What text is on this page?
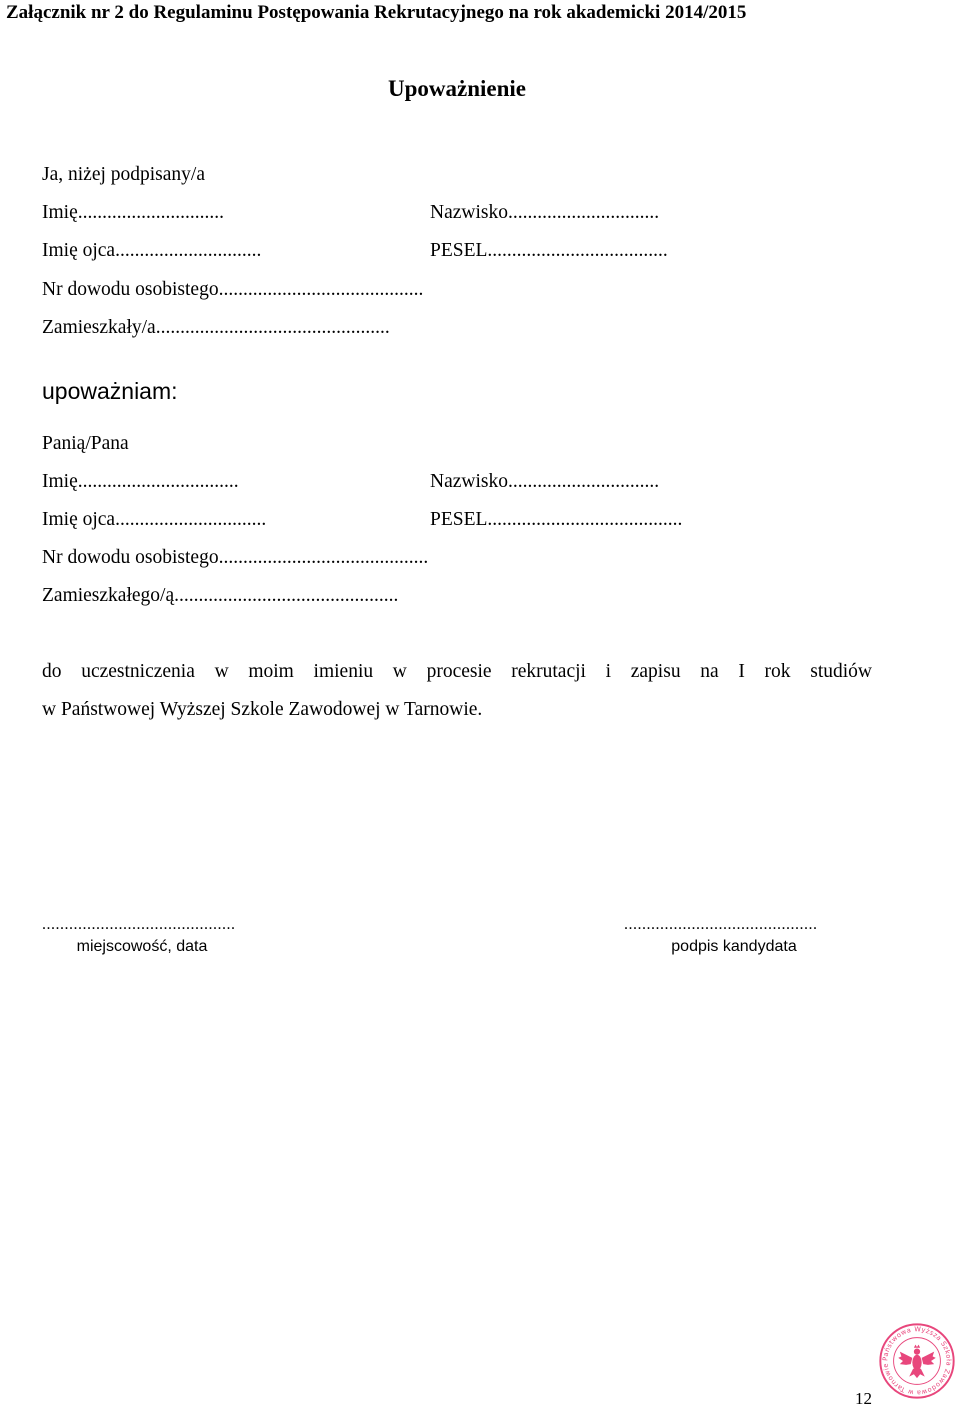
Załącznik nr 2 do Regulaminu Postępowania Rekrutacyjnego na rok akademicki 2014/2015
Upoważnienie
Ja, niżej podpisany/a
Imię..............................	Nazwisko...............................
Imię ojca..............................	PESEL.....................................
Nr dowodu osobistego..........................................
Zamieszkały/a................................................
upoważniam:
Panią/Pana
Imię.................................	Nazwisko...............................
Imię ojca...............................	PESEL........................................
Nr dowodu osobistego...........................................
Zamieszkałego/ą..............................................
do uczestniczenia w moim imieniu w procesie rekrutacji i zapisu na I rok studiów
w Państwowej Wyższej Szkole Zawodowej w Tarnowie.
...........................................
miejscowość, data
...........................................
podpis kandydata
Państwowa Wyższa Szkoła Zawodowa w Tarnowie
12
